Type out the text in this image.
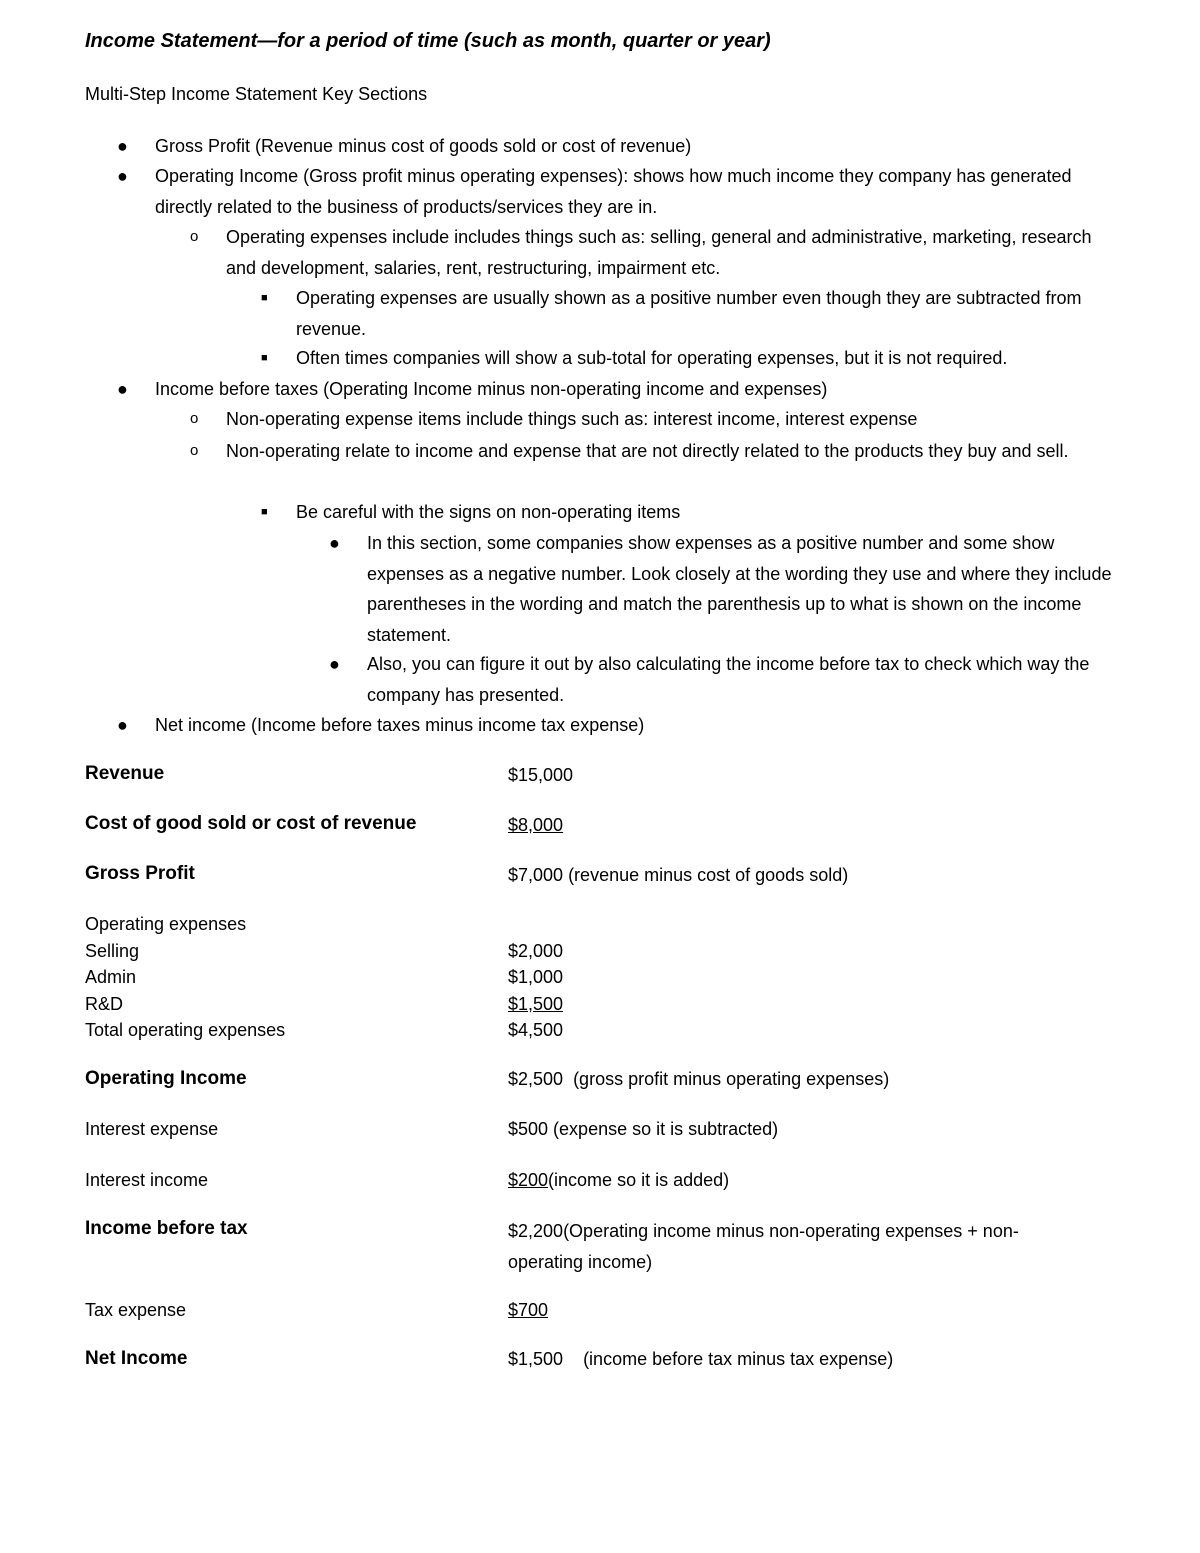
Income Statement—for a period of time (such as month, quarter or year)

Multi-Step Income Statement Key Sections

● Gross Profit (Revenue minus cost of goods sold or cost of revenue)

● Operating Income (Gross profit minus operating expenses): shows how much income they company has generated directly related to the business of products/services they are in.

o Operating expenses include includes things such as: selling, general and administrative, marketing, research and development, salaries, rent, restructuring, impairment etc.

■ Operating expenses are usually shown as a positive number even though they are subtracted from revenue.

■ Often times companies will show a sub-total for operating expenses, but it is not required.

● Income before taxes (Operating Income minus non-operating income and expenses)

o Non-operating expense items include things such as: interest income, interest expense

o Non-operating relate to income and expense that are not directly related to the products they buy and sell.

■ Be careful with the signs on non-operating items

● In this section, some companies show expenses as a positive number and some show expenses as a negative number. Look closely at the wording they use and where they include parentheses in the wording and match the parenthesis up to what is shown on the income statement.

● Also, you can figure it out by also calculating the income before tax to check which way the company has presented.

● Net income (Income before taxes minus income tax expense)

Revenue	$15,000

Cost of good sold or cost of revenue	$8,000

Gross Profit	$7,000 (revenue minus cost of goods sold)

Operating expenses

Selling	$2,000

Admin	$1,000

R&D	$1,500

Total operating expenses	$4,500

Operating Income	$2,500  (gross profit minus operating expenses)

Interest expense	$500 (expense so it is subtracted)

Interest income	$200(income so it is added)

Income before tax	$2,200(Operating income minus non-operating expenses + non-operating income)

Tax expense	$700

Net Income	$1,500    (income before tax minus tax expense)
